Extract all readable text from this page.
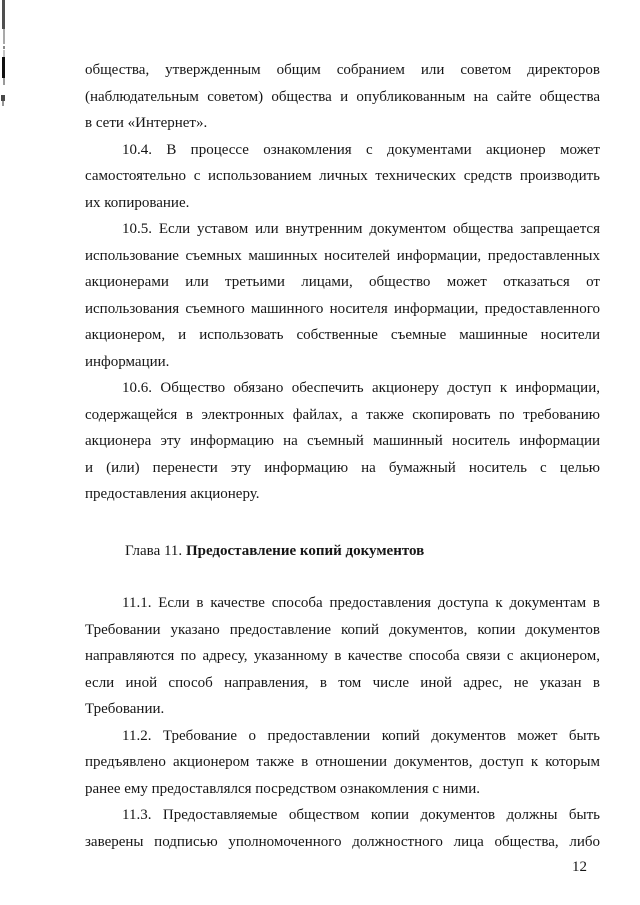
общества, утвержденным общим собранием или советом директоров
(наблюдательным советом) общества и опубликованным на сайте общества
в сети «Интернет».
10.4. В процессе ознакомления с документами акционер может
самостоятельно с использованием личных технических средств производить
их копирование.
10.5. Если уставом или внутренним документом общества запрещается
использование съемных машинных носителей информации, предоставленных
акционерами или третьими лицами, общество может отказаться от
использования съемного машинного носителя информации, предоставленного
акционером, и использовать собственные съемные машинные носители
информации.
10.6. Общество обязано обеспечить акционеру доступ к информации,
содержащейся в электронных файлах, а также скопировать по требованию
акционера эту информацию на съемный машинный носитель информации
и (или) перенести эту информацию на бумажный носитель с целью
предоставления акционеру.
Глава 11. Предоставление копий документов
11.1. Если в качестве способа предоставления доступа к документам в
Требовании указано предоставление копий документов, копии документов
направляются по адресу, указанному в качестве способа связи с акционером,
если иной способ направления, в том числе иной адрес, не указан в
Требовании.
11.2. Требование о предоставлении копий документов может быть
предъявлено акционером также в отношении документов, доступ к которым
ранее ему предоставлялся посредством ознакомления с ними.
11.3. Предоставляемые обществом копии документов должны быть
заверены подписью уполномоченного должностного лица общества, либо
12
